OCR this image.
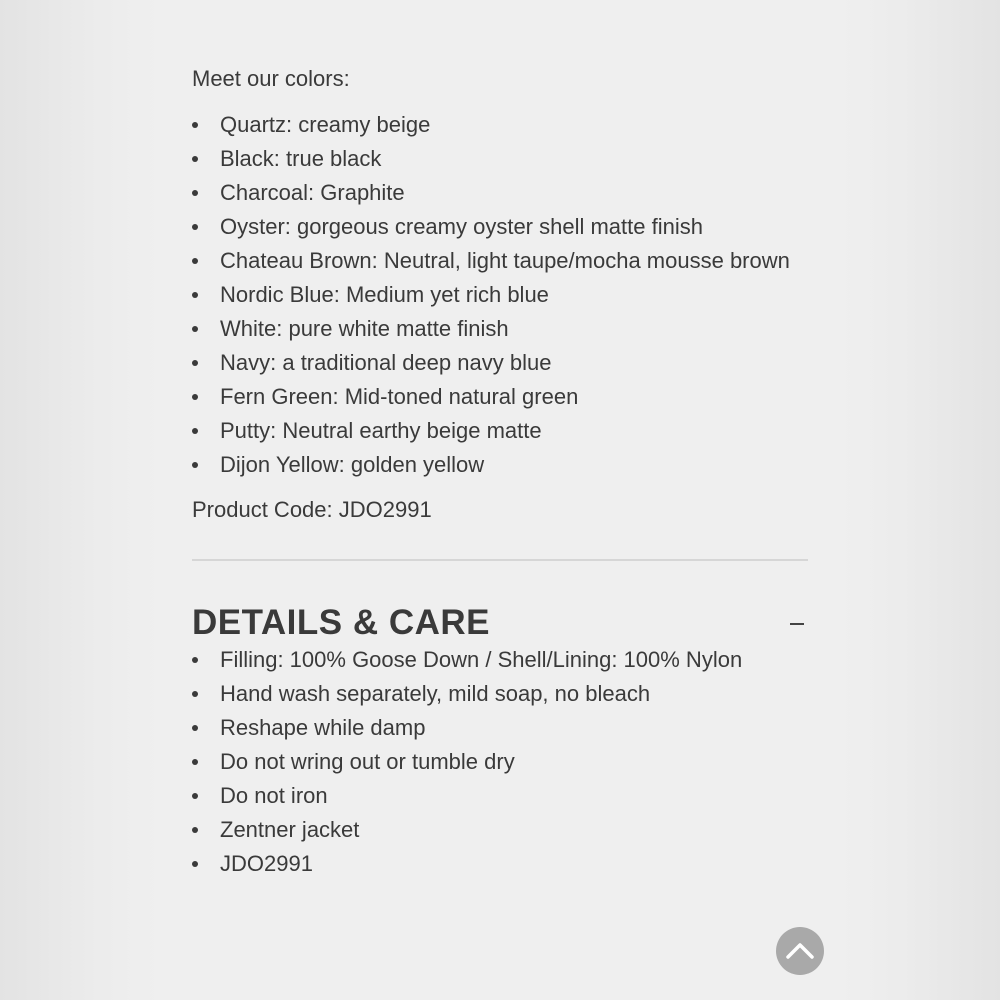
Meet our colors:

Quartz: creamy beige
Black: true black
Charcoal: Graphite
Oyster: gorgeous creamy oyster shell matte finish
Chateau Brown: Neutral, light taupe/mocha mousse brown
Nordic Blue: Medium yet rich blue
White: pure white matte finish
Navy: a traditional deep navy blue
Fern Green: Mid-toned natural green
Putty: Neutral earthy beige matte
Dijon Yellow: golden yellow
Product Code: JDO2991
DETAILS & CARE
Filling: 100% Goose Down / Shell/Lining: 100% Nylon
Hand wash separately, mild soap, no bleach
Reshape while damp
Do not wring out or tumble dry
Do not iron
Zentner jacket
JDO2991
